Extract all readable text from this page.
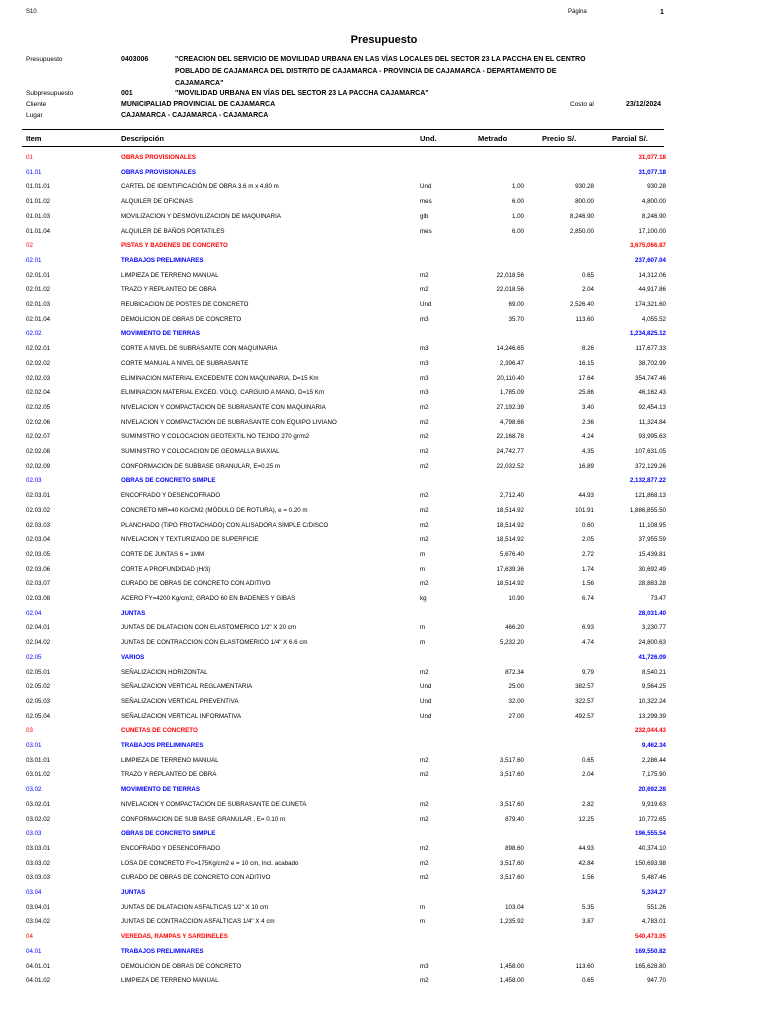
S10	Página	1
Presupuesto
Presupuesto	0403006	"CREACION DEL SERVICIO DE MOVILIDAD URBANA EN LAS VÍAS LOCALES DEL SECTOR 23 LA PACCHA EN EL CENTRO POBLADO DE CAJAMARCA DEL DISTRITO DE CAJAMARCA - PROVINCIA DE CAJAMARCA - DEPARTAMENTO DE CAJAMARCA"
Subpresupuesto	001	"MOVILIDAD URBANA EN VÍAS DEL SECTOR 23 LA PACCHA CAJAMARCA"
Cliente	MUNICIPALIAD PROVINCIAL DE CAJAMARCA	Costo al	23/12/2024
Lugar	CAJAMARCA - CAJAMARCA - CAJAMARCA
Item	Descripción	Und.	Metrado	Precio S/.	Parcial S/.
01	OBRAS PROVISIONALES	31,077.18
01.01	OBRAS PROVISIONALES	31,077.18
01.01.01	CARTEL DE IDENTIFICACIÓN DE OBRA 3.6 m x 4.80 m	Und	1.00	930.28	930.28
01.01.02	ALQUILER DE OFICINAS	mes	6.00	800.00	4,800.00
01.01.03	MOVILIZACION Y DESMOVILIZACION DE MAQUINARIA	glb	1.00	8,246.90	8,246.90
01.01.04	ALQUILER DE BAÑOS PORTATILES	mes	6.00	2,850.00	17,100.00
02	PISTAS Y BADENES DE CONCRETO	3,675,066.87
02.01	TRABAJOS PRELIMINARES	237,607.04
02.01.01	LIMPIEZA DE TERRENO MANUAL	m2	22,018.56	0.65	14,312.06
02.01.02	TRAZO Y REPLANTEO DE OBRA	m2	22,018.56	2.04	44,917.86
02.01.03	REUBICACION DE POSTES DE CONCRETO	Und	69.00	2,526.40	174,321.60
02.01.04	DEMOLICION DE OBRAS DE CONCRETO	m3	35.70	113.60	4,055.52
02.02	MOVIMIENTO DE TIERRAS	1,234,825.12
02.02.01	CORTE A NIVEL DE SUBRASANTE CON MAQUINARIA	m3	14,246.65	8.26	117,677.33
02.02.02	CORTE MANUAL A NIVEL DE SUBRASANTE	m3	2,396.47	16.15	38,702.99
02.02.03	ELIMINACION MATERIAL EXCEDENTE CON MAQUINARIA, D=15 Km	m3	20,110.40	17.64	354,747.46
02.02.04	ELIMINACION MATERIAL EXCED. VOLQ. CARGUIO A MANO, D=15 Km	m3	1,785.09	25.86	46,162.43
02.02.05	NIVELACION Y COMPACTACION DE SUBRASANTE CON MAQUINARIA	m2	27,192.39	3.40	92,454.13
02.02.06	NIVELACION Y COMPACTACION DE SUBRASANTE CON EQUIPO LIVIANO	m2	4,798.66	2.36	11,324.84
02.02.07	SUMINISTRO Y COLOCACION GEOTEXTIL NO TEJIDO 270 gr/m2	m2	22,168.78	4.24	93,995.63
02.02.08	SUMINISTRO Y COLOCACION DE GEOMALLA BIAXIAL	m2	24,742.77	4.35	107,631.05
02.02.09	CONFORMACION DE SUBBASE GRANULAR, E=0.25 m	m2	22,032.52	16.89	372,129.26
02.03	OBRAS DE CONCRETO SIMPLE	2,132,877.22
02.03.01	ENCOFRADO Y DESENCOFRADO	m2	2,712.40	44.93	121,868.13
02.03.02	CONCRETO MR=40 KG/CM2 (MÓDULO DE ROTURA), e = 0.20 m	m2	18,514.92	101.91	1,886,855.50
02.03.03	PLANCHADO (TIPO FROTACHADO) CON ALISADORA SIMPLE C/DISCO	m2	18,514.92	0.60	11,108.95
02.03.04	NIVELACION Y TEXTURIZADO DE SUPERFICIE	m2	18,514.92	2.05	37,955.59
02.03.05	CORTE DE JUNTAS 6 = 1MM	m	5,676.40	2.72	15,439.81
02.03.06	CORTE A PROFUNDIDAD (H/3)	m	17,639.36	1.74	30,692.49
02.03.07	CURADO DE OBRAS DE CONCRETO CON ADITIVO	m2	18,514.92	1.56	28,883.28
02.03.08	ACERO FY=4200 Kg/cm2, GRADO 60 EN BADENES Y GIBAS	kg	10.90	6.74	73.47
02.04	JUNTAS	28,031.40
02.04.01	JUNTAS DE DILATACION CON ELASTOMERICO 1/2" X 20 cm	m	466.20	6.93	3,230.77
02.04.02	JUNTAS DE CONTRACCION CON ELASTOMERICO 1/4" X 6.6 cm	m	5,232.20	4.74	24,800.63
02.05	VARIOS	41,726.09
02.05.01	SEÑALIZACION HORIZONTAL	m2	872.34	9.79	8,540.21
02.05.02	SEÑALIZACION VERTICAL REGLAMENTARIA	Und	25.00	382.57	9,564.25
02.05.03	SEÑALIZACION VERTICAL PREVENTIVA	Und	32.00	322.57	10,322.24
02.05.04	SEÑALIZACION VERTICAL INFORMATIVA	Und	27.00	492.57	13,299.39
03	CUNETAS DE CONCRETO	232,044.43
03.01	TRABAJOS PRELIMINARES	9,462.34
03.01.01	LIMPIEZA DE TERRENO MANUAL	m2	3,517.60	0.65	2,286.44
03.01.02	TRAZO Y REPLANTEO DE OBRA	m2	3,517.60	2.04	7,175.90
03.02	MOVIMIENTO DE TIERRAS	20,692.28
03.02.01	NIVELACION Y COMPACTACION DE SUBRASANTE DE CUNETA	m2	3,517.60	2.82	9,919.63
03.02.02	CONFORMACION DE SUB BASE GRANULAR , E= 0.10 m	m2	879.40	12.25	10,772.65
03.03	OBRAS DE CONCRETO SIMPLE	196,555.54
03.03.01	ENCOFRADO Y DESENCOFRADO	m2	898.60	44.93	40,374.10
03.03.02	LOSA DE CONCRETO F'c=175Kg/cm2 e = 10 cm, Incl. acabado	m2	3,517.60	42.84	150,693.98
03.03.03	CURADO DE OBRAS DE CONCRETO CON ADITIVO	m2	3,517.60	1.56	5,487.46
03.04	JUNTAS	5,334.27
03.04.01	JUNTAS DE DILATACION ASFALTICAS 1/2" X 10 cm	m	103.04	5.35	551.26
03.04.02	JUNTAS DE CONTRACCION ASFALTICAS 1/4" X 4 cm	m	1,235.92	3.87	4,783.01
04	VEREDAS, RAMPAS Y SARDINELES	540,473.05
04.01	TRABAJOS PRELIMINARES	169,550.82
04.01.01	DEMOLICION DE OBRAS DE CONCRETO	m3	1,458.00	113.60	165,628.80
04.01.02	LIMPIEZA DE TERRENO MANUAL	m2	1,458.00	0.65	947.70
